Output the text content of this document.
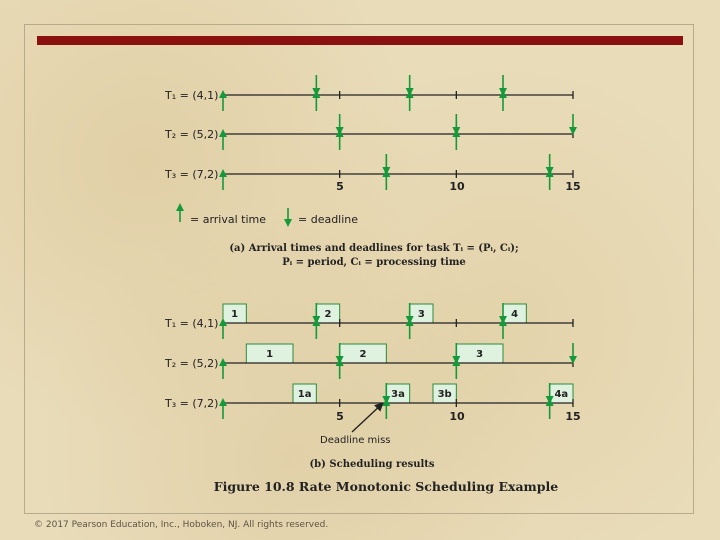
T₁ = (4,1)
T₂ = (5,2)
T₃ = (7,2)
5	10	15
= arrival time	= deadline
(a) Arrival times and deadlines for task Tᵢ = (Pᵢ, Cᵢ);
Pᵢ = period, Cᵢ = processing time
T₁ = (4,1)
T₂ = (5,2)
T₃ = (7,2)
1	2	3	4
1	2	3
1a	3a	3b	4a
5	10	15
Deadline miss
(b) Scheduling results
Figure 10.8 Rate Monotonic Scheduling Example
© 2017 Pearson Education, Inc., Hoboken, NJ. All rights reserved.
